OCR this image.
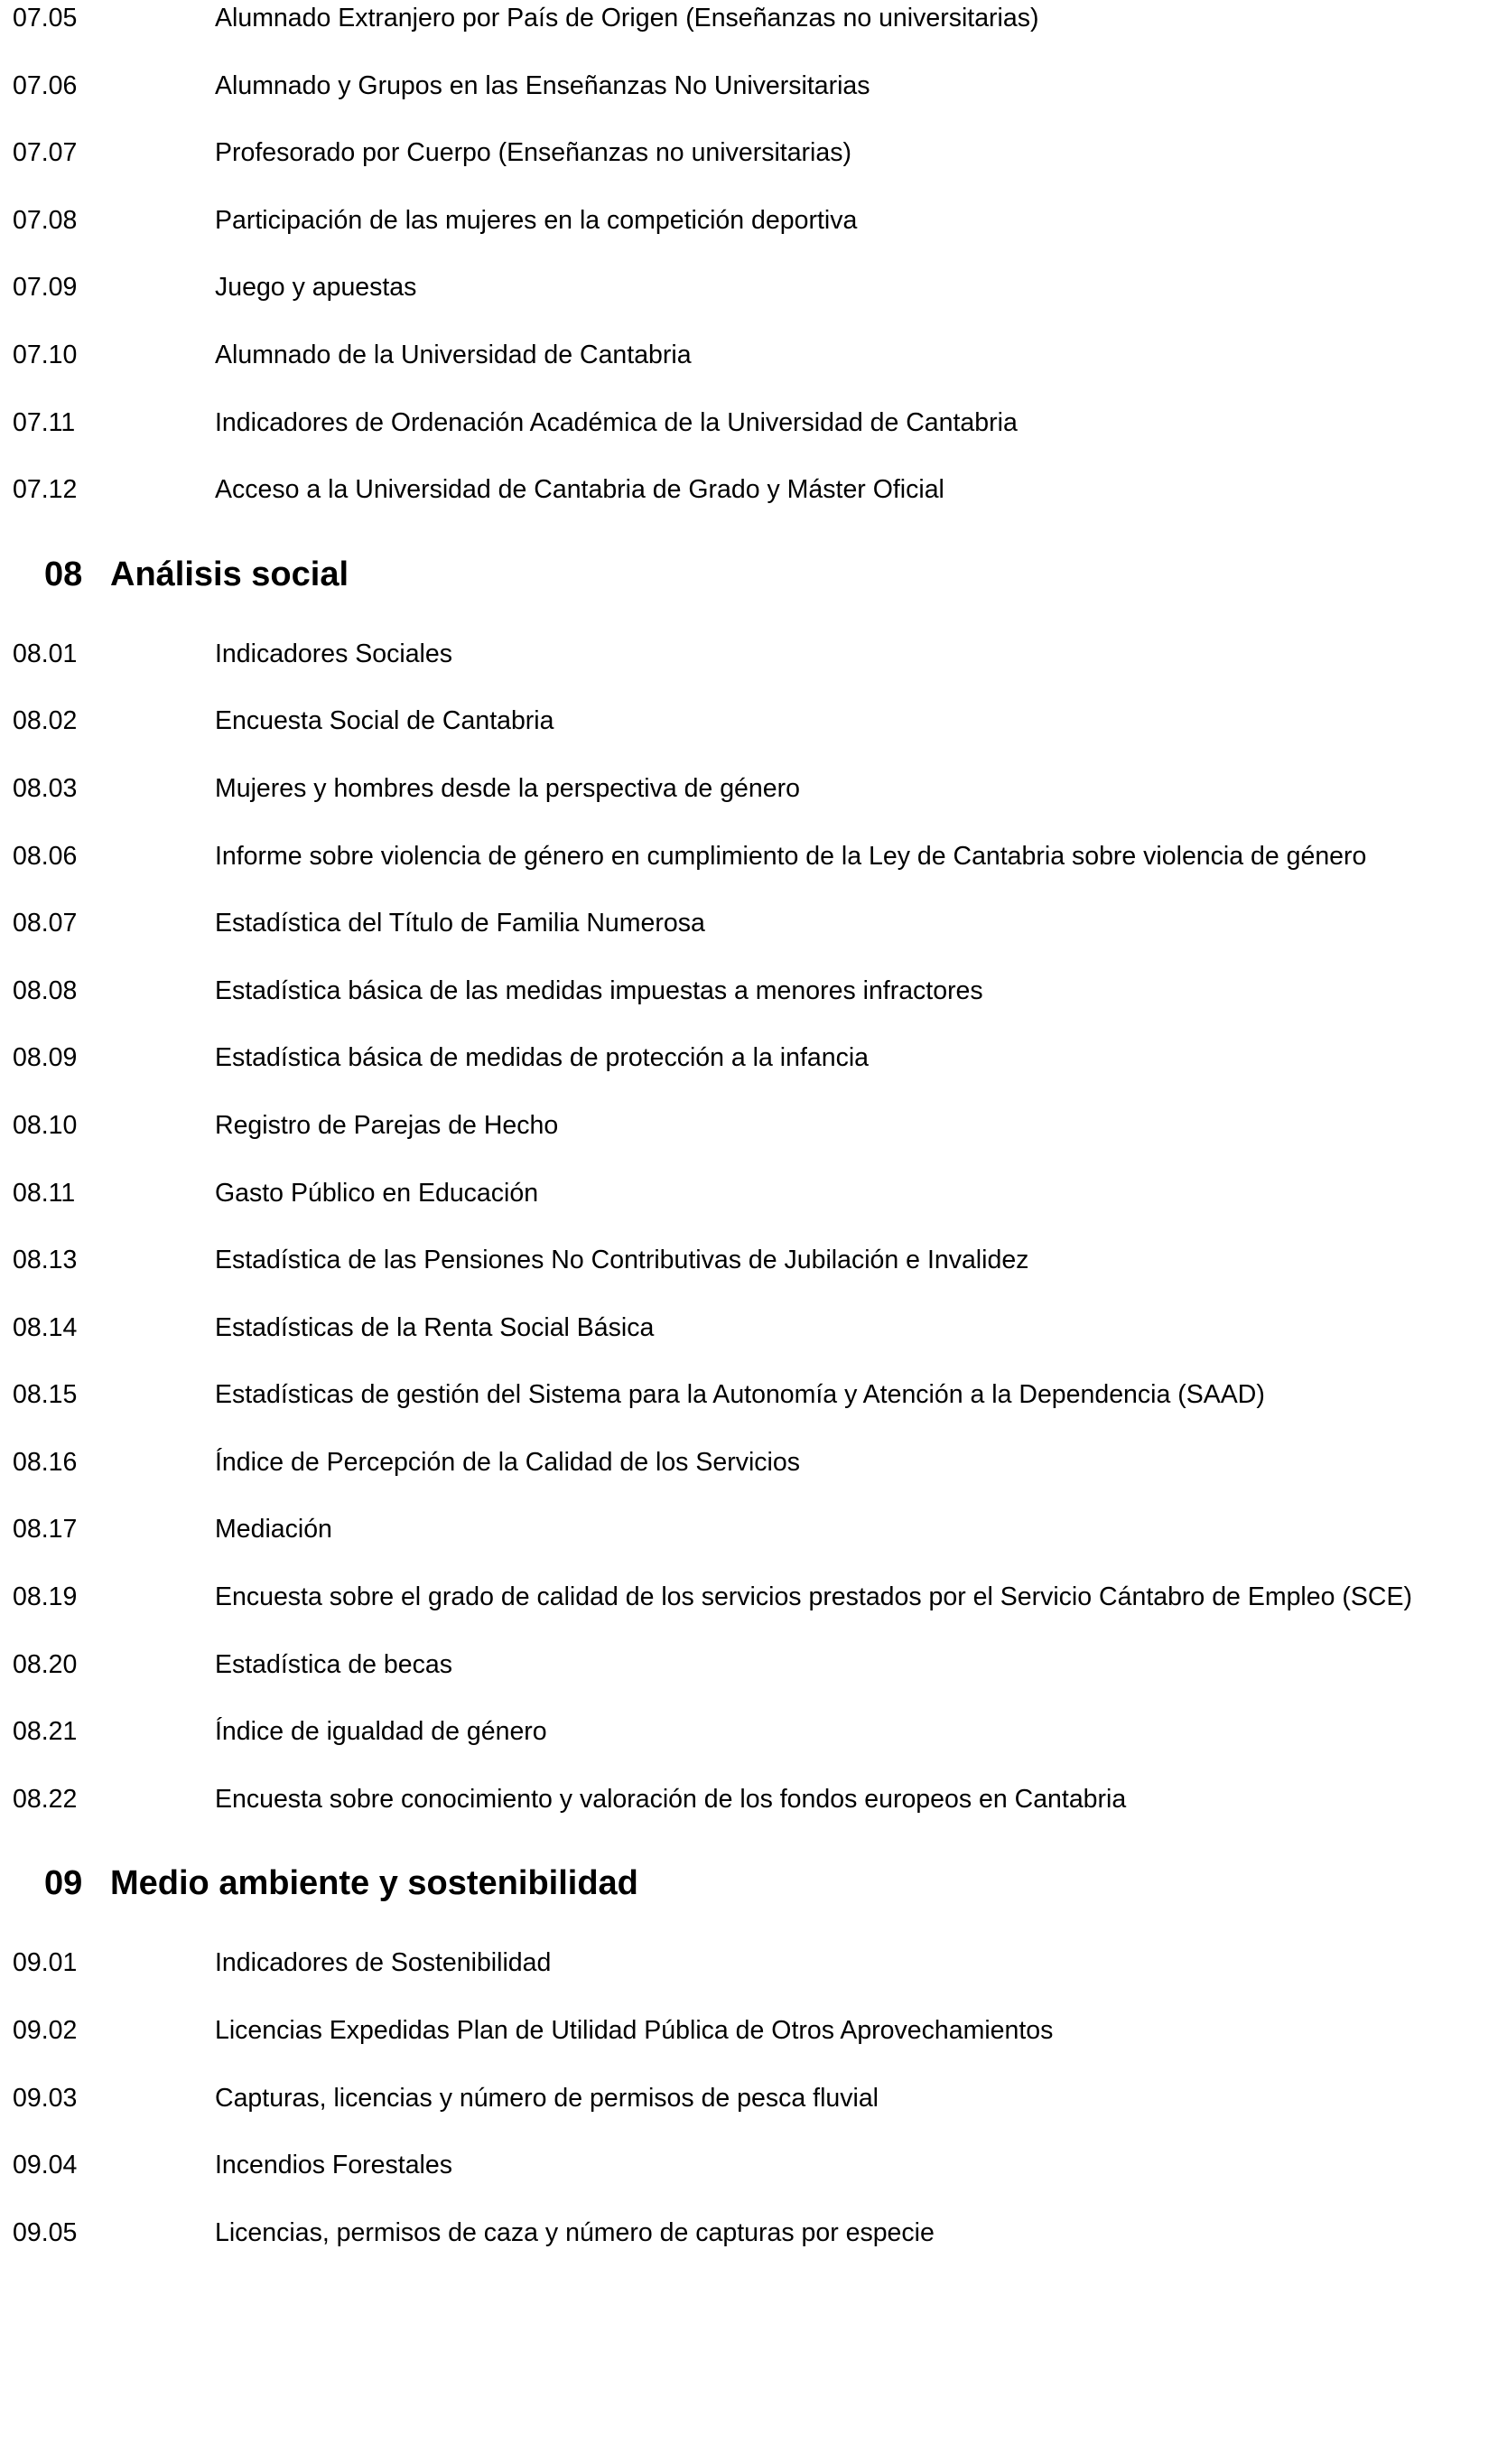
07.05	Alumnado Extranjero por País de Origen (Enseñanzas no universitarias)
07.06	Alumnado y Grupos en las Enseñanzas No Universitarias
07.07	Profesorado por Cuerpo (Enseñanzas no universitarias)
07.08	Participación de las mujeres en la competición deportiva
07.09	Juego y apuestas
07.10	Alumnado de la Universidad de Cantabria
07.11	Indicadores de Ordenación Académica de la Universidad de Cantabria
07.12	Acceso a la Universidad de Cantabria de Grado y Máster Oficial
08 Análisis social
08.01	Indicadores Sociales
08.02	Encuesta Social de Cantabria
08.03	Mujeres y hombres desde la perspectiva de género
08.06	Informe sobre violencia de género en cumplimiento de la Ley de Cantabria sobre violencia de género
08.07	Estadística del Título de Familia Numerosa
08.08	Estadística básica de las medidas impuestas a menores infractores
08.09	Estadística básica de medidas de protección a la infancia
08.10	Registro de Parejas de Hecho
08.11	Gasto Público en Educación
08.13	Estadística de las Pensiones No Contributivas de Jubilación e Invalidez
08.14	Estadísticas de la Renta Social Básica
08.15	Estadísticas de gestión del Sistema para la Autonomía y Atención a la Dependencia (SAAD)
08.16	Índice de Percepción de la Calidad de los Servicios
08.17	Mediación
08.19	Encuesta sobre el grado de calidad de los servicios prestados por el Servicio Cántabro de Empleo (SCE)
08.20	Estadística de becas
08.21	Índice de igualdad de género
08.22	Encuesta sobre conocimiento y valoración de los fondos europeos en Cantabria
09 Medio ambiente y sostenibilidad
09.01	Indicadores de Sostenibilidad
09.02	Licencias Expedidas Plan de Utilidad Pública de Otros Aprovechamientos
09.03	Capturas, licencias y número de permisos de pesca fluvial
09.04	Incendios Forestales
09.05	Licencias, permisos de caza y número de capturas por especie
